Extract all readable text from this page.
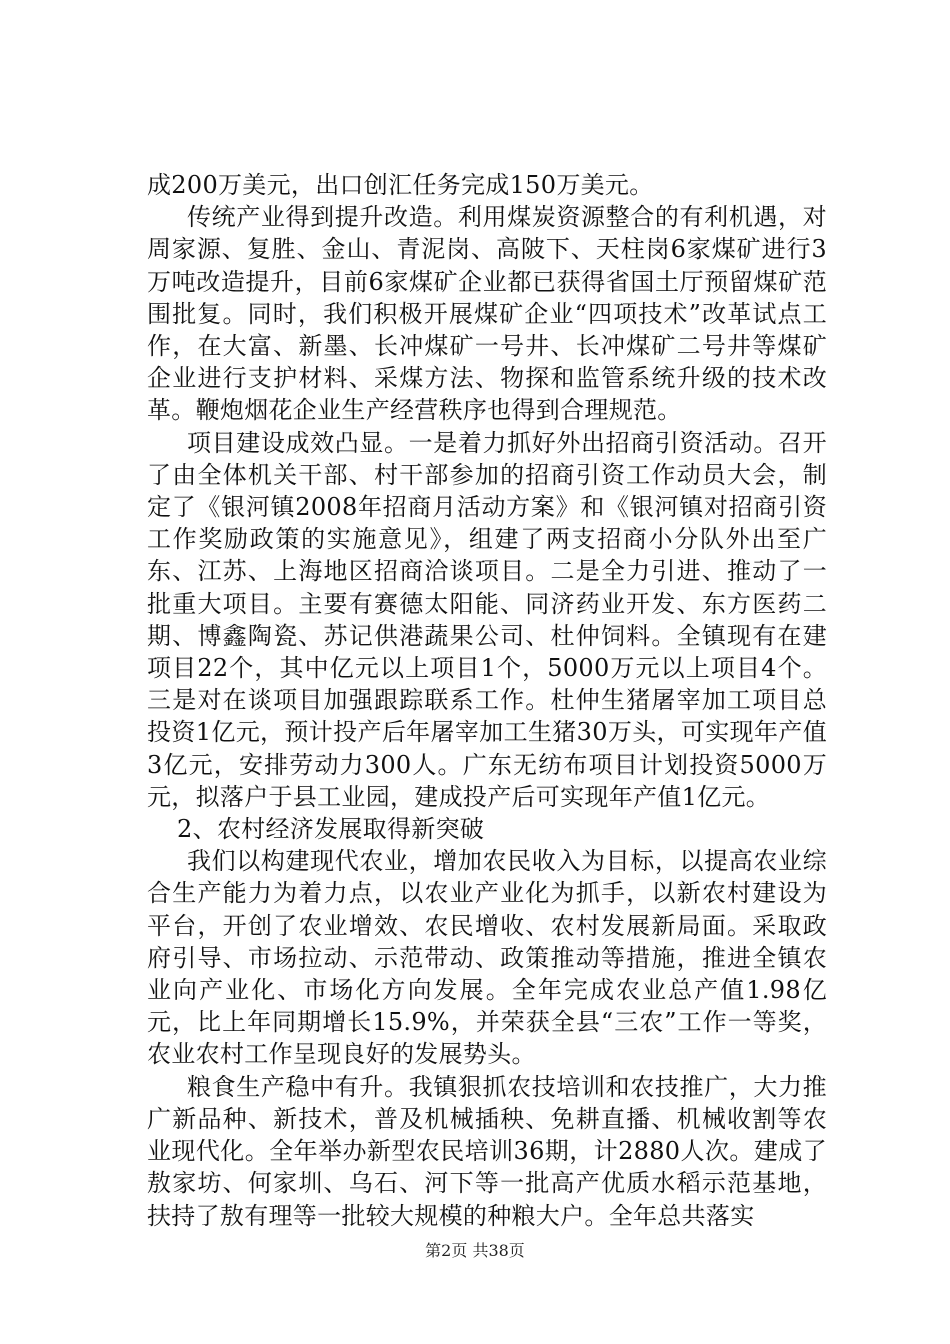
成200万美元，出口创汇任务完成150万美元。

传统产业得到提升改造。利用煤炭资源整合的有利机遇，对周家源、复胜、金山、青泥岗、高陂下、天柱岗6家煤矿进行3万吨改造提升，目前6家煤矿企业都已获得省国土厅预留煤矿范围批复。同时，我们积极开展煤矿企业“四项技术”改革试点工作，在大富、新墨、长冲煤矿一号井、长冲煤矿二号井等煤矿企业进行支护材料、采煤方法、物探和监管系统升级的技术改革。鞭炮烟花企业生产经营秩序也得到合理规范。

项目建设成效凸显。一是着力抓好外出招商引资活动。召开了由全体机关干部、村干部参加的招商引资工作动员大会，制定了《银河镇2008年招商月活动方案》和《银河镇对招商引资工作奖励政策的实施意见》，组建了两支招商小分队外出至广东、江苏、上海地区招商洽谈项目。二是全力引进、推动了一批重大项目。主要有赛德太阳能、同济药业开发、东方医药二期、博鑫陶瓷、苏记供港蔬果公司、杜仲饲料。全镇现有在建项目22个，其中亿元以上项目1个，5000万元以上项目4个。三是对在谈项目加强跟踪联系工作。杜仲生猪屠宰加工项目总投资1亿元，预计投产后年屠宰加工生猪30万头，可实现年产值3亿元，安排劳动力300人。广东无纺布项目计划投资5000万元，拟落户于县工业园，建成投产后可实现年产值1亿元。

2、农村经济发展取得新突破

我们以构建现代农业，增加农民收入为目标，以提高农业综合生产能力为着力点，以农业产业化为抓手，以新农村建设为平台，开创了农业增效、农民增收、农村发展新局面。采取政府引导、市场拉动、示范带动、政策推动等措施，推进全镇农业向产业化、市场化方向发展。全年完成农业总产值1.98亿元，比上年同期增长15.9%，并荣获全县“三农”工作一等奖，农业农村工作呈现良好的发展势头。

粮食生产稳中有升。我镇狠抓农技培训和农技推广，大力推广新品种、新技术，普及机械插秧、免耕直播、机械收割等农业现代化。全年举办新型农民培训36期，计2880人次。建成了敖家坊、何家圳、乌石、河下等一批高产优质水稻示范基地，扶持了敖有理等一批较大规模的种粮大户。全年总共落实

第2页 共38页
